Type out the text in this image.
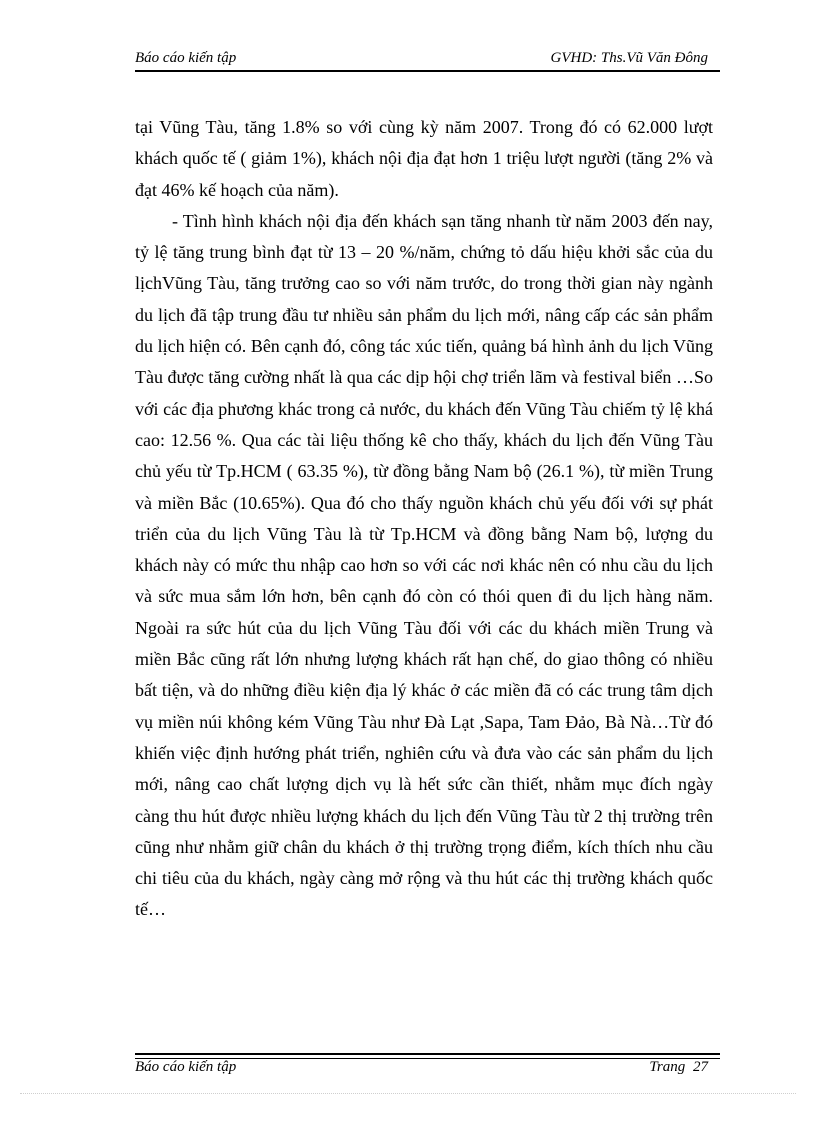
Báo cáo kiến tập	GVHD: Ths.Vũ Văn Đông

tại Vũng Tàu, tăng 1.8% so với cùng kỳ năm 2007. Trong đó có 62.000 lượt khách quốc tế ( giảm 1%), khách nội địa đạt hơn 1 triệu lượt người (tăng 2% và đạt 46% kế hoạch của năm).

- Tình hình khách nội địa đến khách sạn tăng nhanh từ năm 2003 đến nay, tỷ lệ tăng trung bình đạt từ 13 – 20 %/năm, chứng tỏ dấu hiệu khởi sắc của du lịchVũng Tàu, tăng trưởng cao so với năm trước, do trong thời gian này ngành du lịch đã tập trung đầu tư nhiều sản phẩm du lịch mới, nâng cấp các sản phẩm du lịch hiện có. Bên cạnh đó, công tác xúc tiến, quảng bá hình ảnh du lịch Vũng Tàu được tăng cường nhất là qua các dịp hội chợ triển lãm và festival biển …So với các địa phương khác trong cả nước, du khách đến Vũng Tàu chiếm tỷ lệ khá cao: 12.56 %. Qua các tài liệu thống kê cho thấy, khách du lịch đến Vũng Tàu chủ yếu từ Tp.HCM ( 63.35 %), từ đồng bằng Nam bộ (26.1 %), từ miền Trung và miền Bắc (10.65%). Qua đó cho thấy nguồn khách chủ yếu đối với sự phát triển của du lịch Vũng Tàu là từ Tp.HCM và đồng bằng Nam bộ, lượng du khách này có mức thu nhập cao hơn so với các nơi khác nên có nhu cầu du lịch và sức mua sắm lớn hơn, bên cạnh đó còn có thói quen đi du lịch hàng năm. Ngoài ra sức hút của du lịch Vũng Tàu đối với các du khách miền Trung và miền Bắc cũng rất lớn nhưng lượng khách rất hạn chế, do giao thông có nhiều bất tiện, và do những điều kiện địa lý khác ở các miền đã có các trung tâm dịch vụ miền núi không kém Vũng Tàu như Đà Lạt ,Sapa, Tam Đảo, Bà Nà…Từ đó khiến việc định hướng phát triển, nghiên cứu và đưa vào các sản phẩm du lịch mới, nâng cao chất lượng dịch vụ là hết sức cần thiết, nhằm mục đích ngày càng thu hút được nhiều lượng khách du lịch đến Vũng Tàu từ 2 thị trường trên cũng như nhằm giữ chân du khách ở thị trường trọng điểm, kích thích nhu cầu chi tiêu của du khách, ngày càng mở rộng và thu hút các thị trường khách quốc tế…

Báo cáo kiến tập	Trang 27
